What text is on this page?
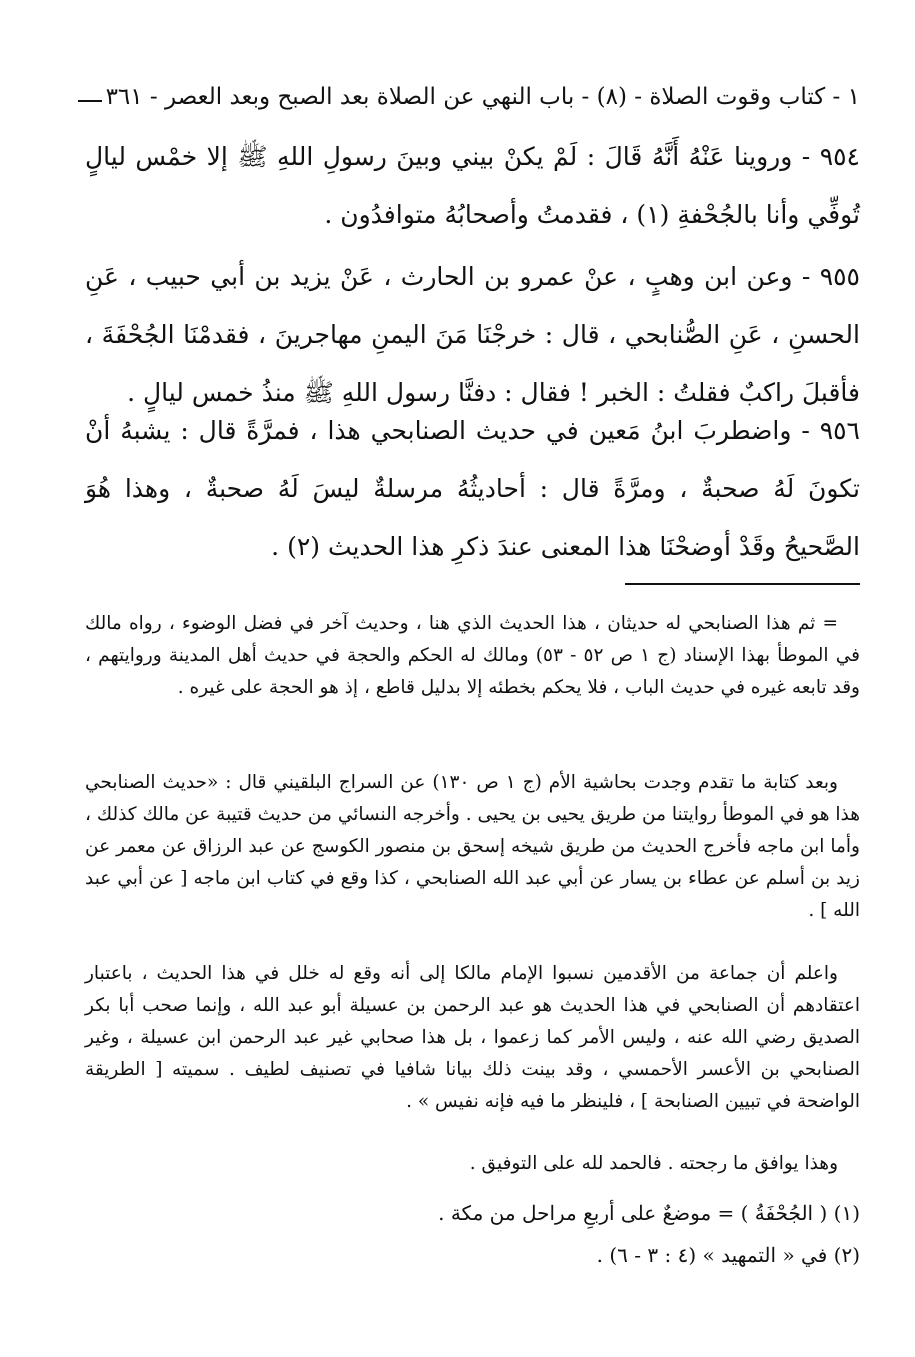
١ - كتاب وقوت الصلاة - (٨) - باب النهي عن الصلاة بعد الصبح وبعد العصر - ٣٦١
٩٥٤ - وروينا عَنْهُ أَنَّهُ قَالَ : لَمْ يكنْ بيني وبينَ رسولِ اللهِ ﷺ إلا خمْس ليالٍ تُوفِّي وأنا بالجُحْفةِ (١) ، فقدمتُ وأصحابُهُ متوافدُون .
٩٥٥ - وعن ابن وهبٍ ، عنْ عمرو بن الحارث ، عَنْ يزيد بن أبي حبيب ، عَنِ الحسنِ ، عَنِ الصُّنابحي ، قال : خرجْنَا مَنَ اليمنِ مهاجرينَ ، فقدمْنَا الجُحْفَةَ ، فأقبلَ راكبٌ فقلتُ : الخبر ! فقال : دفنَّا رسول اللهِ ﷺ منذُ خمس ليالٍ .
٩٥٦ - واضطربَ ابنُ مَعين في حديث الصنابحي هذا ، فمرَّةً قال : يشبهُ أنْ تكونَ لَهُ صحبةٌ ، ومرَّةً قال : أحاديثُهُ مرسلةٌ ليسَ لَهُ صحبةٌ ، وهذا هُوَ الصَّحيحُ وقَدْ أوضحْنَا هذا المعنى عندَ ذكرِ هذا الحديث (٢) .

= ثم هذا الصنابحي له حديثان ، هذا الحديث الذي هنا ، وحديث آخر في فضل الوضوء ، رواه مالك في الموطأ بهذا الإسناد (ج ١ ص ٥٢ - ٥٣) ومالك له الحكم والحجة في حديث أهل المدينة وروايتهم ، وقد تابعه غيره في حديث الباب ، فلا يحكم بخطئه إلا بدليل قاطع ، إذ هو الحجة على غيره .

وبعد كتابة ما تقدم وجدت بحاشية الأم (ج ١ ص ١٣٠) عن السراج البلقيني قال : «حديث الصنابحي هذا هو في الموطأ روايتنا من طريق يحيى بن يحيى . وأخرجه النسائي من حديث قتيبة عن مالك كذلك ، وأما ابن ماجه فأخرج الحديث من طريق شيخه إسحق بن منصور الكوسج عن عبد الرزاق عن معمر عن زيد بن أسلم عن عطاء بن يسار عن أبي عبد الله الصنابحي ، كذا وقع في كتاب ابن ماجه [ عن أبي عبد الله ] .

واعلم أن جماعة من الأقدمين نسبوا الإمام مالكا إلى أنه وقع له خلل في هذا الحديث ، باعتبار اعتقادهم أن الصنابحي في هذا الحديث هو عبد الرحمن بن عسيلة أبو عبد الله ، وإنما صحب أبا بكر الصديق رضي الله عنه ، وليس الأمر كما زعموا ، بل هذا صحابي غير عبد الرحمن ابن عسيلة ، وغير الصنابحي بن الأعسر الأحمسي ، وقد بينت ذلك بيانا شافيا في تصنيف لطيف . سميته [ الطريقة الواضحة في تبيين الصنابحة ] ، فلينظر ما فيه فإنه نفيس » .

وهذا يوافق ما رجحته . فالحمد لله على التوفيق .

(١) ( الجُحْفَةُ ) = موضعٌ على أربعِ مراحل من مكة .
(٢) في « التمهيد » (٤ : ٣ - ٦) .
